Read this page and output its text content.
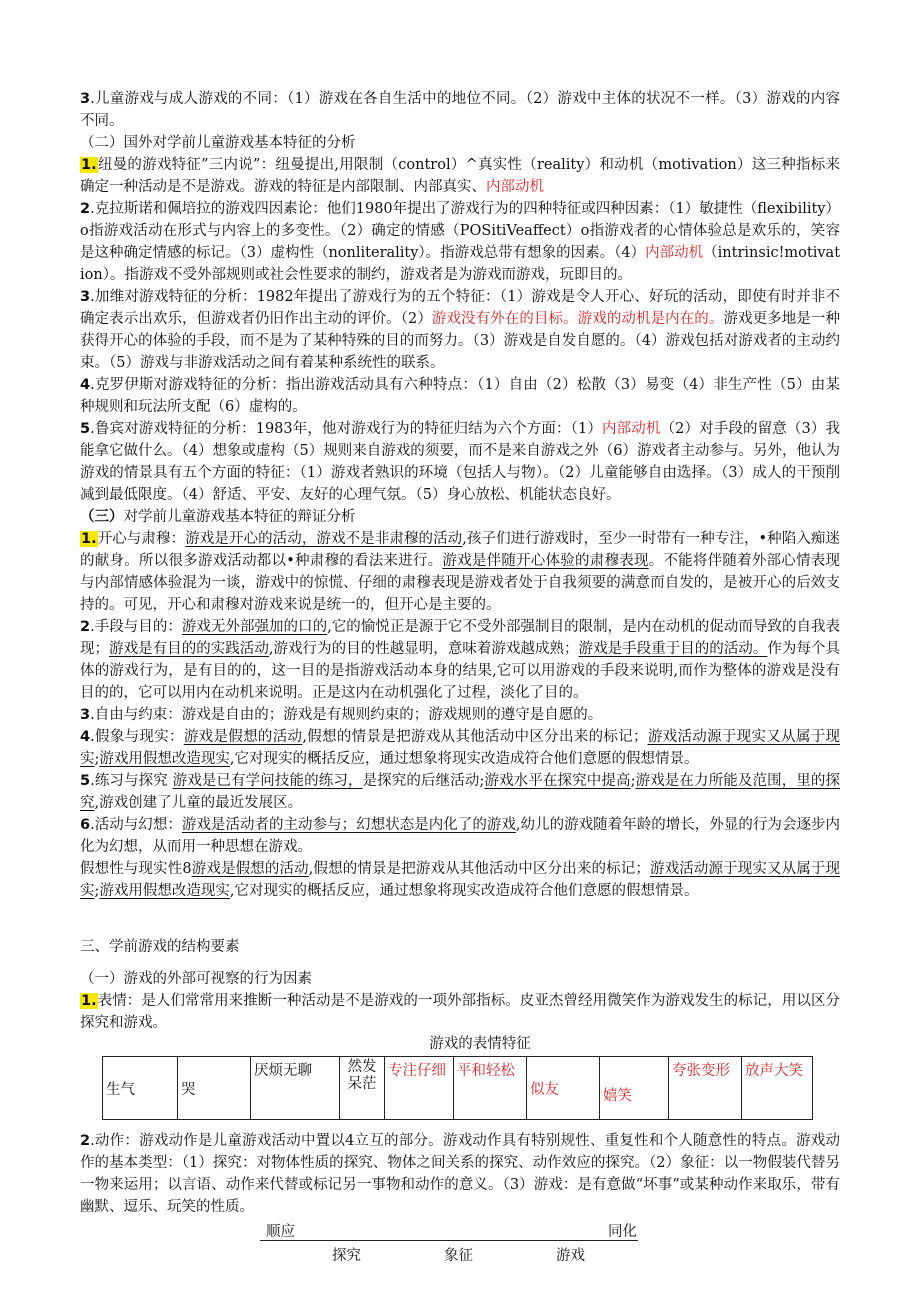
3.儿童游戏与成人游戏的不同：（1）游戏在各自生活中的地位不同。（2）游戏中主体的状况不一样。（3）游戏的内容不同。

（二）国外对学前儿童游戏基本特征的分析

1.纽曼的游戏特征”三内说”：纽曼提出,用限制（control）^真实性（reality）和动机（motivation）这三种指标来确定一种活动是不是游戏。游戏的特征是内部限制、内部真实、内部动机

2.克拉斯诺和佩培拉的游戏四因素论：他们1980年提出了游戏行为的四种特征或四种因素：（1）敏捷性（flexibility）o指游戏活动在形式与内容上的多变性。（2）确定的情感（POSitiVeaffect）o指游戏者的心情体验总是欢乐的，笑容是这种确定情感的标记。（3）虚构性（nonliterality）。指游戏总带有想象的因素。（4）内部动机（intrinsic!motivation）。指游戏不受外部规则或社会性要求的制约，游戏者是为游戏而游戏，玩即目的。

3.加维对游戏特征的分析：1982年提出了游戏行为的五个特征：（1）游戏是令人开心、好玩的活动，即使有时并非不确定表示出欢乐，但游戏者仍旧作出主动的评价。（2）游戏没有外在的目标。游戏的动机是内在的。游戏更多地是一种获得开心的体验的手段，而不是为了某种特殊的目的而努力。（3）游戏是自发自愿的。（4）游戏包括对游戏者的主动约束。（5）游戏与非游戏活动之间有着某种系统性的联系。

4.克罗伊斯对游戏特征的分析：指出游戏活动具有六种特点：（1）自由（2）松散（3）易变（4）非生产性（5）由某种规则和玩法所支配（6）虚构的。

5.鲁宾对游戏特征的分析：1983年，他对游戏行为的特征归结为六个方面：（1）内部动机（2）对手段的留意（3）我能拿它做什么。（4）想象或虚构（5）规则来自游戏的须要，而不是来自游戏之外（6）游戏者主动参与。另外，他认为游戏的情景具有五个方面的特征：（1）游戏者熟识的环境（包括人与物）。（2）儿童能够自由选择。（3）成人的干预削减到最低限度。（4）舒适、平安、友好的心理气氛。（5）身心放松、机能状态良好。

（三）对学前儿童游戏基本特征的辩证分析

1.开心与肃穆：游戏是开心的活动，游戏不是非肃穆的活动,孩子们进行游戏时，至少一时带有一种专注，•种陷入痴迷的献身。所以很多游戏活动都以•种肃穆的看法来进行。游戏是伴随开心体验的肃穆表现。不能将伴随着外部心情表现与内部情感体验混为一谈，游戏中的惊慌、仔细的肃穆表现是游戏者处于自我须要的满意而自发的，是被开心的后效支持的。可见，开心和肃穆对游戏来说是统一的，但开心是主要的。

2.手段与目的：游戏无外部强加的口的,它的愉悦正是源于它不受外部强制目的限制，是内在动机的促动而导致的自我表现；游戏是有目的的实践活动,游戏行为的目的性越显明，意味着游戏越成熟；游戏是手段重于目的的活动。作为每个具体的游戏行为，是有目的的，这一目的是指游戏活动本身的结果,它可以用游戏的手段来说明,而作为整体的游戏是没有目的的，它可以用内在动机来说明。正是这内在动机强化了过程，淡化了目的。

3.自由与约束：游戏是自由的；游戏是有规则约束的；游戏规则的遵守是自愿的。

4.假象与现实：游戏是假想的活动,假想的情景是把游戏从其他活动中区分出来的标记；游戏活动源于现实又从属于现实;游戏用假想改造现实,它对现实的概括反应，通过想象将现实改造成符合他们意愿的假想情景。

5.练习与探究 游戏是已有学问技能的练习，是探究的后继活动;游戏水平在探究中提高;游戏是在力所能及范围，里的探究,游戏创建了儿童的最近发展区。

6.活动与幻想：游戏是活动者的主动参与；幻想状态是内化了的游戏,幼儿的游戏随着年龄的增长，外显的行为会逐步内化为幻想，从而用一种思想在游戏。

假想性与现实性8游戏是假想的活动,假想的情景是把游戏从其他活动中区分出来的标记；游戏活动源于现实又从属于现实;游戏用假想改造现实,它对现实的概括反应，通过想象将现实改造成符合他们意愿的假想情景。

三、学前游戏的结构要素

（一）游戏的外部可视察的行为因素

1.表情：是人们常常用来推断一种活动是不是游戏的一项外部指标。皮亚杰曾经用微笑作为游戏发生的标记，用以区分探究和游戏。

游戏的表情特征
生气	哭	厌烦无聊	然发呆茫	专注仔细	平和轻松	似友	嬉笑	夸张变形	放声大笑

2.动作：游戏动作是儿童游戏活动中置以4立互的部分。游戏动作具有特别规性、重复性和个人随意性的特点。游戏动作的基本类型：（1）探究：对物体性质的探究、物体之间关系的探究、动作效应的探究。（2）象征：以一物假装代替另一物来运用；以言语、动作来代替或标记另一事物和动作的意义。（3）游戏：是有意做“坏事”或某种动作来取乐，带有幽默、逗乐、玩笑的性质。

顺应	同化
探究	象征	游戏
